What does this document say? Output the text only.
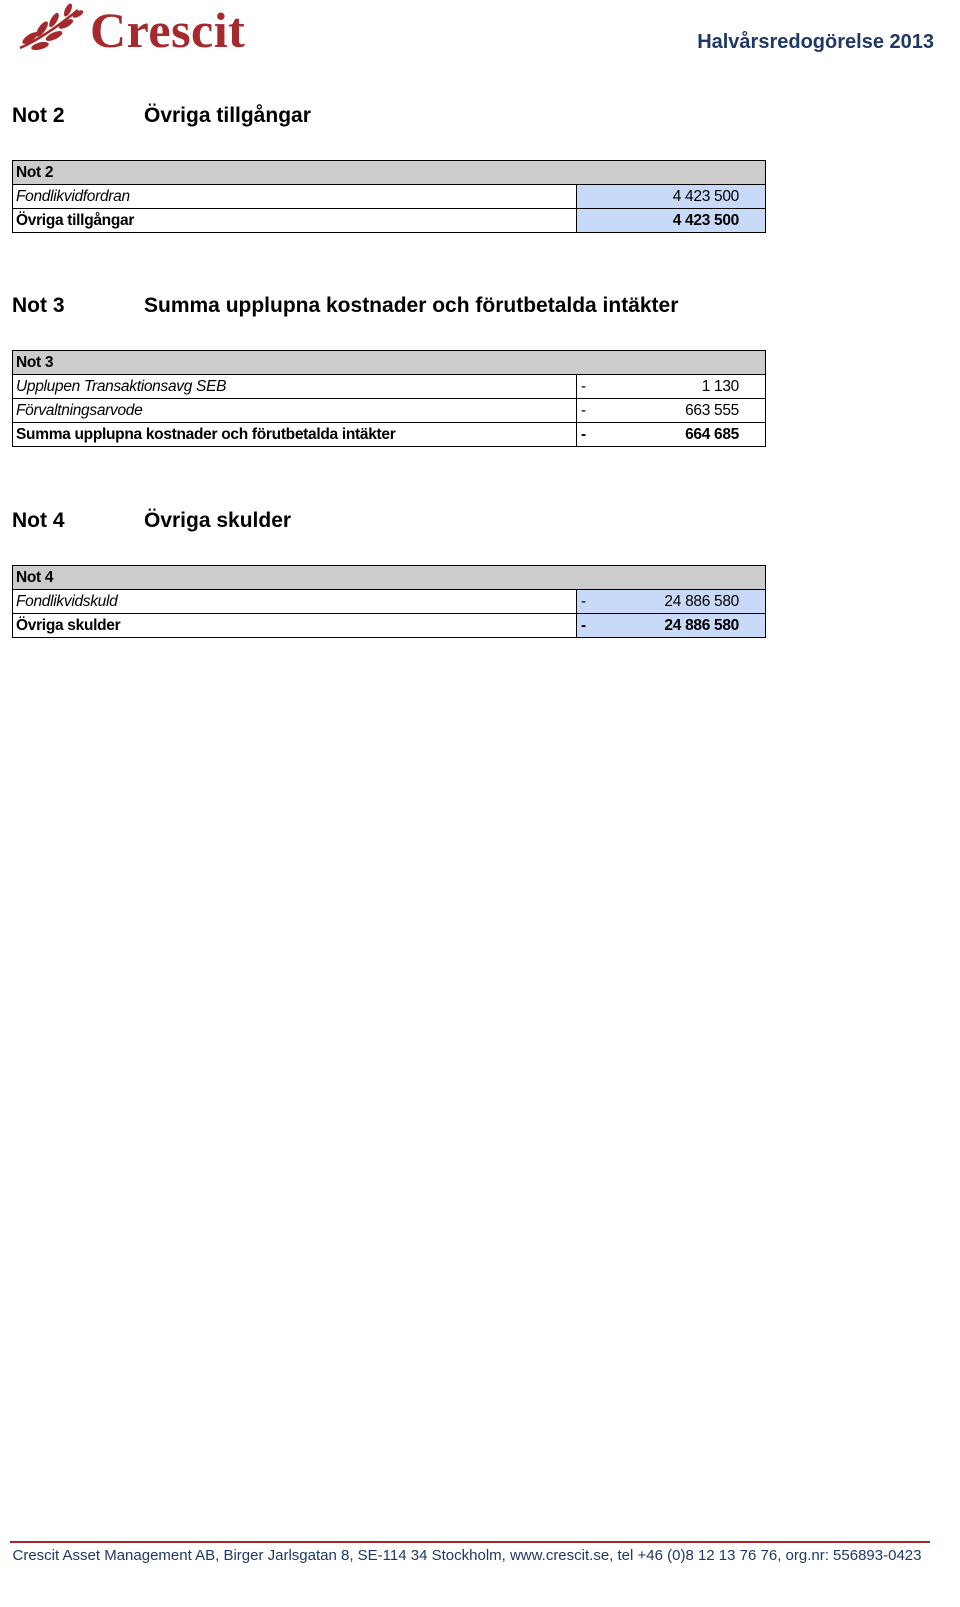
Crescit	Halvårsredogörelse 2013
Not 2	Övriga tillgångar
Not 2	
Fondlikvidfordran	4 423 500
Övriga tillgångar	4 423 500
Not 3	Summa upplupna kostnader och förutbetalda intäkter
Not 3	
Upplupen Transaktionsavg SEB	- 1 130
Förvaltningsarvode	- 663 555
Summa upplupna kostnader och förutbetalda intäkter	- 664 685
Not 4	Övriga skulder
Not 4	
Fondlikvidskuld	- 24 886 580
Övriga skulder	- 24 886 580
Crescit Asset Management AB, Birger Jarlsgatan 8, SE-114 34 Stockholm, www.crescit.se, tel +46 (0)8 12 13 76 76, org.nr: 556893-0423
